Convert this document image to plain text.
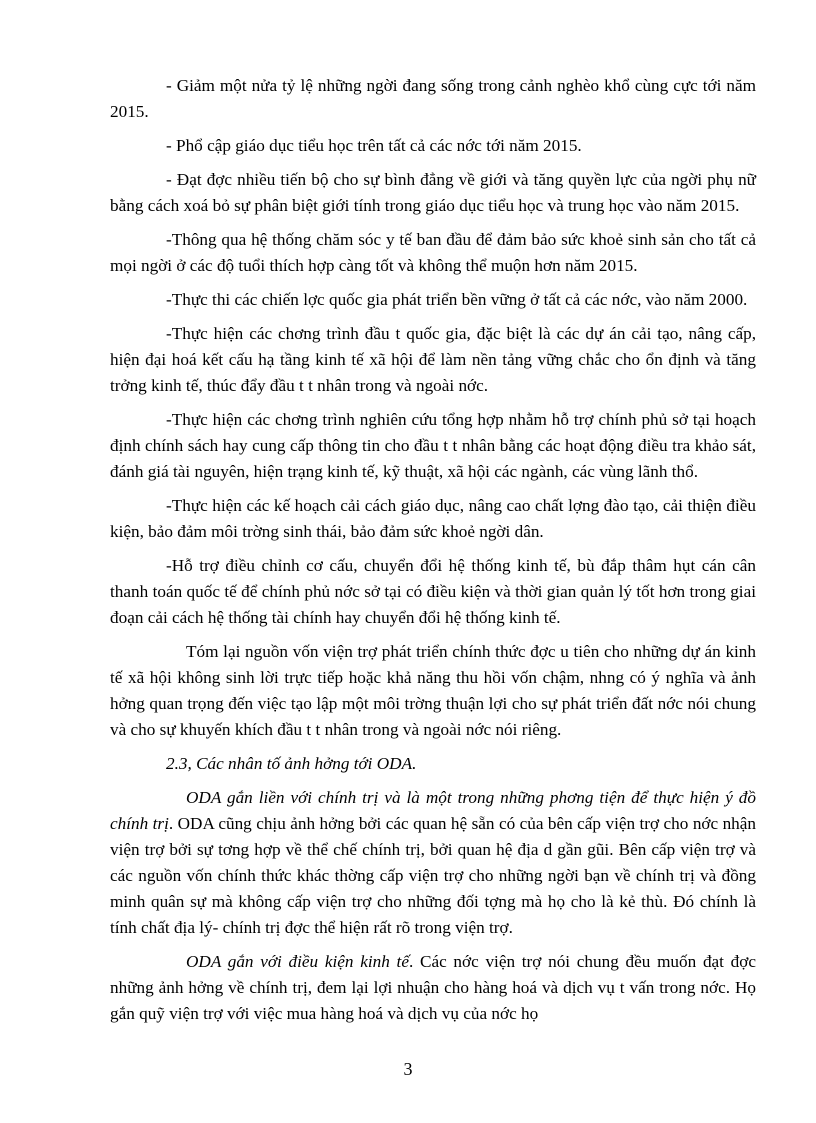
- Giảm một nửa tỷ lệ những ngời đang sống trong cảnh nghèo khổ cùng cực tới năm 2015.

- Phổ cập giáo dục tiểu học trên tất cả các nớc tới năm 2015.

- Đạt đợc nhiều tiến bộ cho sự bình đẳng về giới và tăng quyền lực của ngời phụ nữ bằng cách xoá bỏ sự phân biệt giới tính trong giáo dục tiểu học và trung học vào năm 2015.

-Thông qua hệ thống chăm sóc y tế ban đầu để đảm bảo sức khoẻ sinh sản cho tất cả mọi ngời ở các độ tuổi thích hợp càng tốt và không thể muộn hơn năm 2015.

-Thực thi các chiến lợc quốc gia phát triển bền vững ở tất cả các nớc, vào năm 2000.

-Thực hiện các chơng trình đầu t quốc gia, đặc biệt là các dự án cải tạo, nâng cấp, hiện đại hoá kết cấu hạ tầng kinh tế xã hội để làm nền tảng vững chắc cho ổn định và tăng trởng kinh tế, thúc đẩy đầu t t nhân trong và ngoài nớc.

-Thực hiện các chơng trình nghiên cứu tổng hợp nhằm hỗ trợ chính phủ sở tại hoạch định chính sách hay cung cấp thông tin cho đầu t t nhân bằng các hoạt động điều tra khảo sát, đánh giá tài nguyên, hiện trạng kinh tế, kỹ thuật, xã hội các ngành, các vùng lãnh thổ.

-Thực hiện các kế hoạch cải cách giáo dục, nâng cao chất lợng đào tạo, cải thiện điều kiện, bảo đảm môi trờng sinh thái, bảo đảm sức khoẻ ngời dân.

-Hỗ trợ điều chỉnh cơ cấu, chuyển đổi hệ thống kinh tế, bù đắp thâm hụt cán cân thanh toán quốc tế để chính phủ nớc sở tại có điều kiện và thời gian quản lý tốt hơn trong giai đoạn cải cách hệ thống tài chính hay chuyển đổi hệ thống kinh tế.

Tóm lại nguồn vốn viện trợ phát triển chính thức đợc u tiên cho những dự án kinh tế xã hội không sinh lời trực tiếp hoặc khả năng thu hồi vốn chậm, nhng có ý nghĩa và ảnh hởng quan trọng đến việc tạo lập một môi trờng thuận lợi cho sự phát triển đất nớc nói chung và cho sự khuyến khích đầu t t nhân trong và ngoài nớc nói riêng.

2.3, Các nhân tố ảnh hởng tới ODA.

ODA gắn liền với chính trị và là một trong những phơng tiện để thực hiện ý đồ chính trị. ODA cũng chịu ảnh hởng bởi các quan hệ sẵn có của bên cấp viện trợ cho nớc nhận viện trợ bởi sự tơng hợp về thể chế chính trị, bởi quan hệ địa d gần gũi. Bên cấp viện trợ và các nguồn vốn chính thức khác thờng cấp viện trợ cho những ngời bạn về chính trị và đồng minh quân sự mà không cấp viện trợ cho những đối tợng mà họ cho là kẻ thù. Đó chính là tính chất địa lý- chính trị đợc thể hiện rất rõ trong viện trợ.

ODA gắn với điều kiện kinh tế. Các nớc viện trợ nói chung đều muốn đạt đợc những ảnh hởng về chính trị, đem lại lợi nhuận cho hàng hoá và dịch vụ t vấn trong nớc. Họ gắn quỹ viện trợ với việc mua hàng hoá và dịch vụ của nớc họ

3
